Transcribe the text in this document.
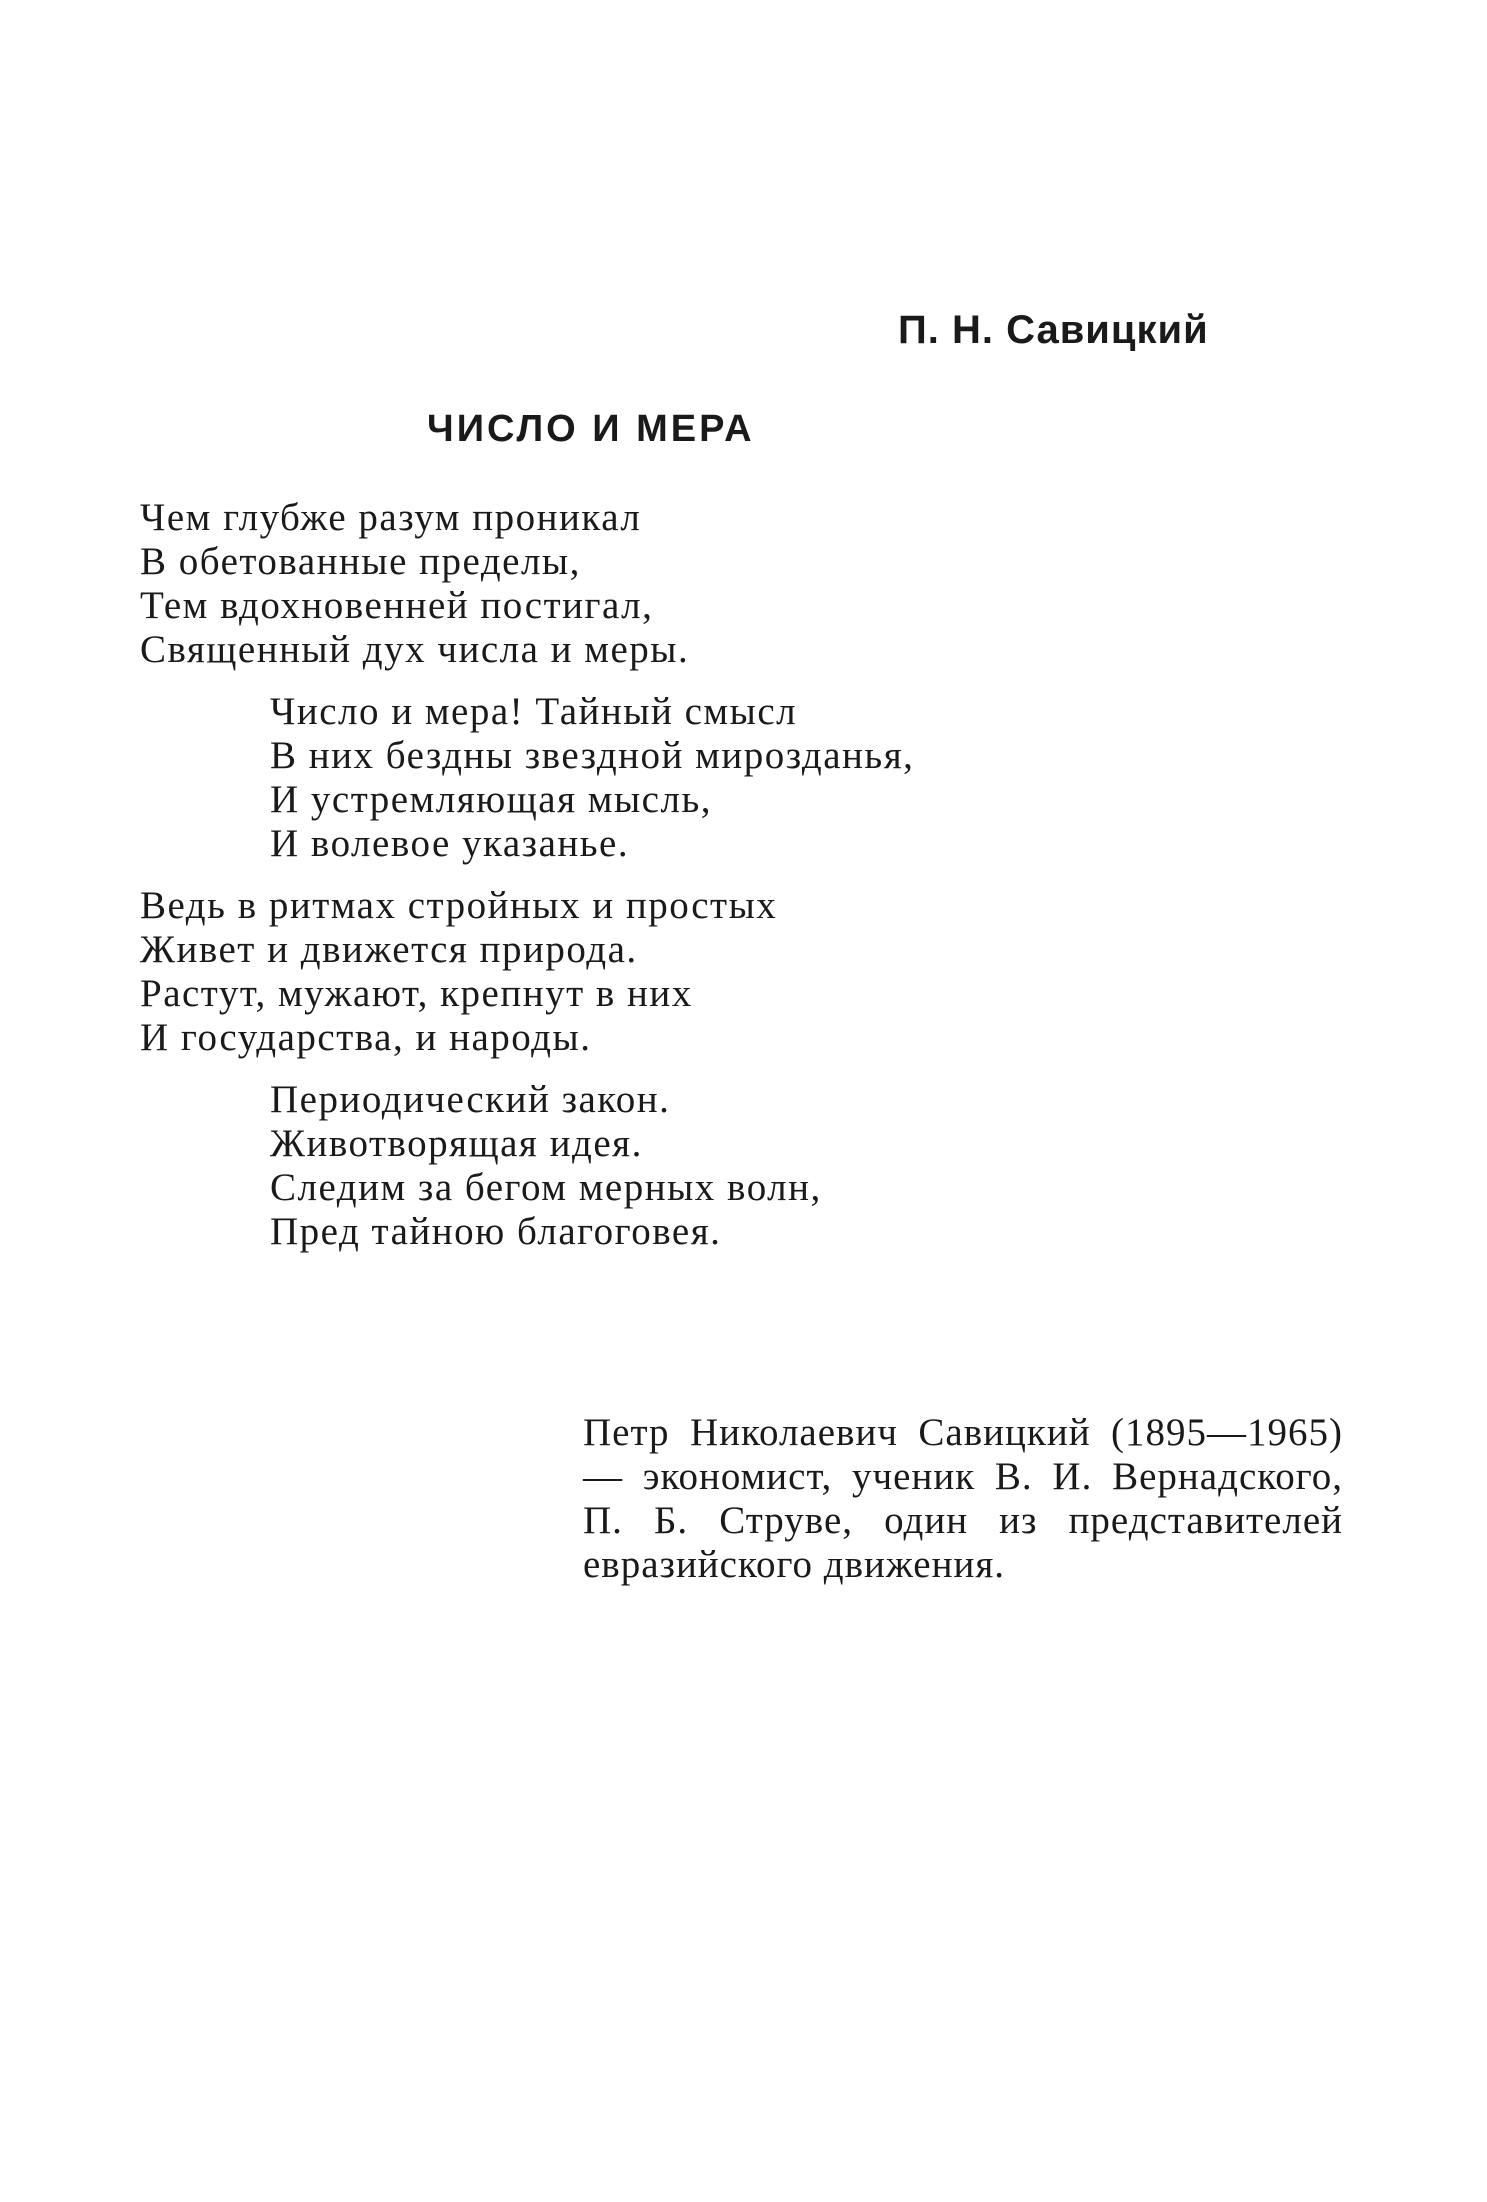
П. Н. Савицкий
ЧИСЛО И МЕРА
Чем глубже разум проникал
В обетованные пределы,
Тем вдохновенней постигал,
Священный дух числа и меры.
Число и мера! Тайный смысл
В них бездны звездной мирозданья,
И устремляющая мысль,
И волевое указанье.
Ведь в ритмах стройных и простых
Живет и движется природа.
Растут, мужают, крепнут в них
И государства, и народы.
Периодический закон.
Животворящая идея.
Следим за бегом мерных волн,
Пред тайною благоговея.

Петр Николаевич Савицкий (1895—1965) — экономист, ученик В. И. Вернадского, П. Б. Струве, один из представителей евразийского движения.
